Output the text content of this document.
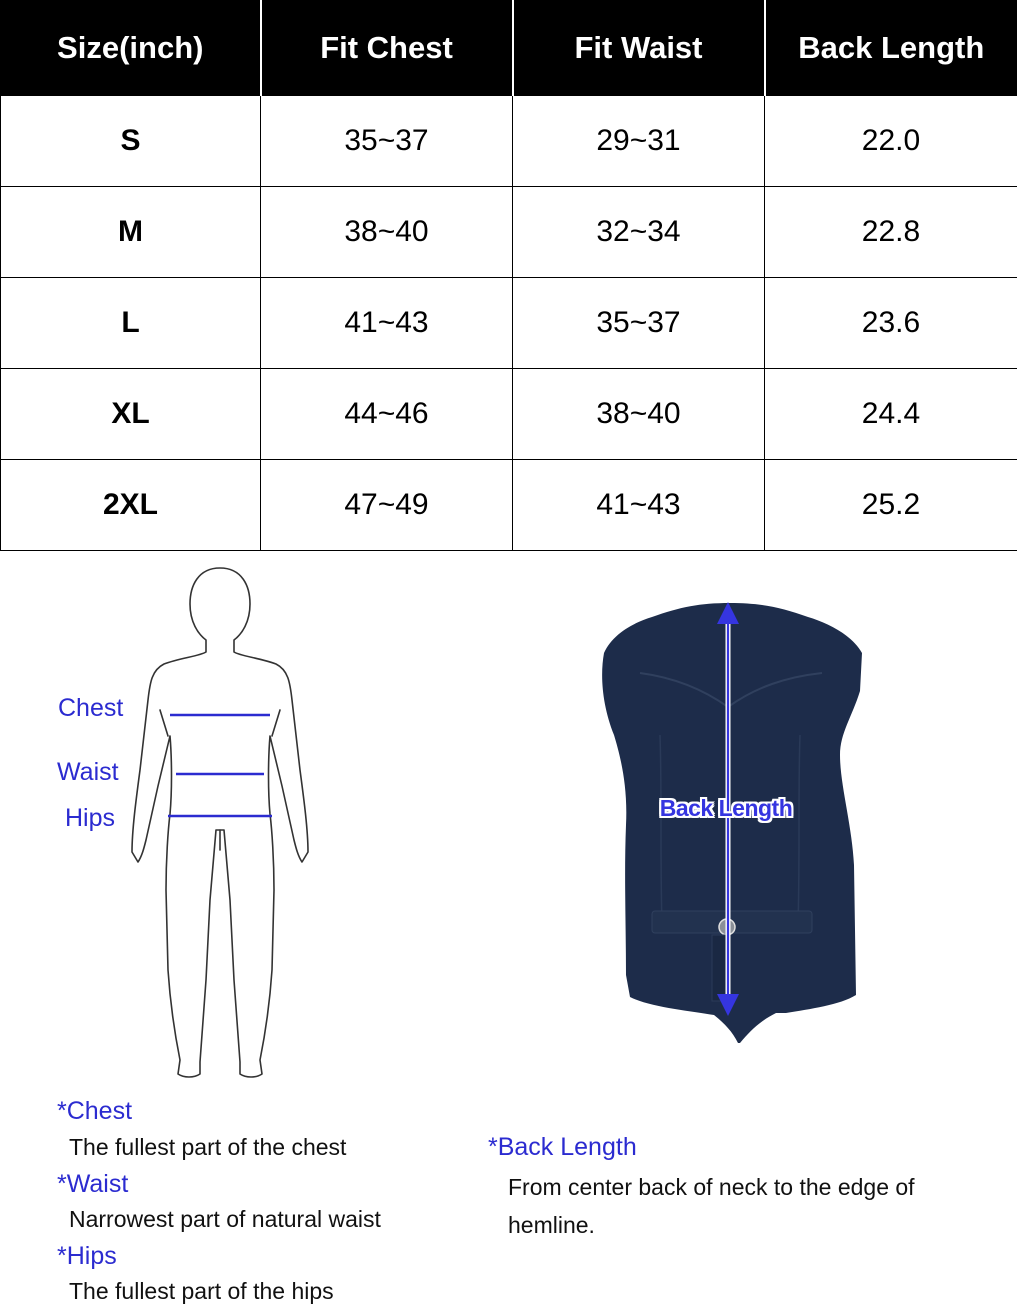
Size(inch)	Fit Chest	Fit Waist	Back Length
S	35~37	29~31	22.0
M	38~40	32~34	22.8
L	41~43	35~37	23.6
XL	44~46	38~40	24.4
2XL	47~49	41~43	25.2
Chest
Waist
Hips	Back Length
*Chest
The fullest part of the chest
*Waist
Narrowest part of natural waist
*Hips
The fullest part of the hips
*Back Length
From center back of neck to the edge of hemline.
